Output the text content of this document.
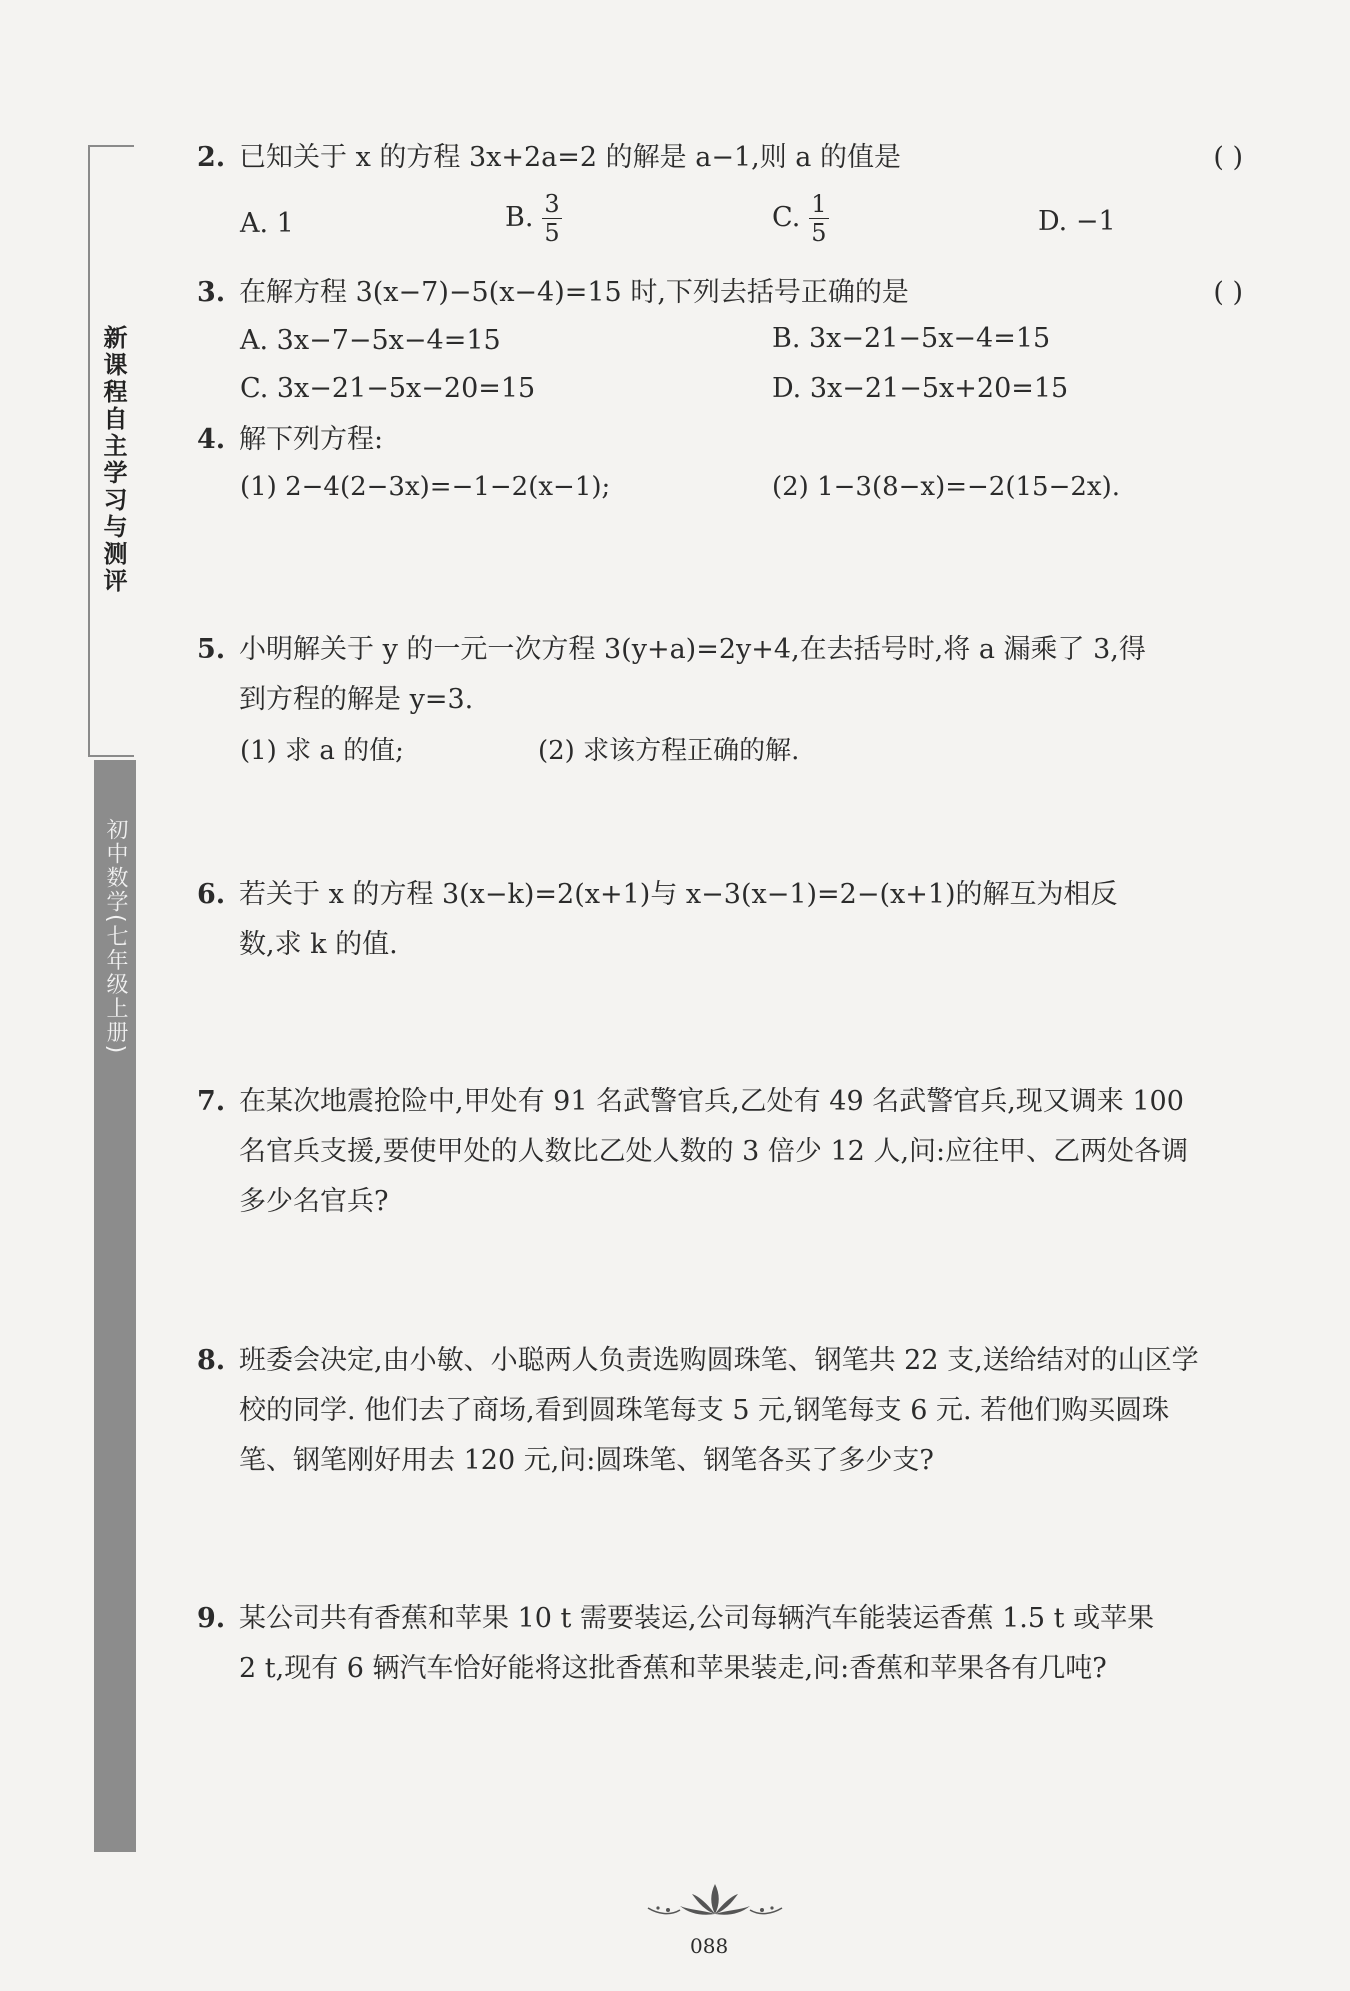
新课程自主学习与测评
初中数学(七年级上册)
2. 已知关于 x 的方程 3x+2a=2 的解是 a−1,则 a 的值是	( )
A. 1	B. $\frac{3}{5}$	C. $\frac{1}{5}$	D. −1
3. 在解方程 3(x−7)−5(x−4)=15 时,下列去括号正确的是	( )
A. 3x−7−5x−4=15	B. 3x−21−5x−4=15
C. 3x−21−5x−20=15	D. 3x−21−5x+20=15
4. 解下列方程:
(1) 2−4(2−3x)=−1−2(x−1);	(2) 1−3(8−x)=−2(15−2x).
5. 小明解关于 y 的一元一次方程 3(y+a)=2y+4,在去括号时,将 a 漏乘了 3,得
到方程的解是 y=3.
(1) 求 a 的值;	(2) 求该方程正确的解.
6. 若关于 x 的方程 3(x−k)=2(x+1)与 x−3(x−1)=2−(x+1)的解互为相反
数,求 k 的值.
7. 在某次地震抢险中,甲处有 91 名武警官兵,乙处有 49 名武警官兵,现又调来 100
名官兵支援,要使甲处的人数比乙处人数的 3 倍少 12 人,问:应往甲、乙两处各调
多少名官兵?
8. 班委会决定,由小敏、小聪两人负责选购圆珠笔、钢笔共 22 支,送给结对的山区学
校的同学. 他们去了商场,看到圆珠笔每支 5 元,钢笔每支 6 元. 若他们购买圆珠
笔、钢笔刚好用去 120 元,问:圆珠笔、钢笔各买了多少支?
9. 某公司共有香蕉和苹果 10 t 需要装运,公司每辆汽车能装运香蕉 1.5 t 或苹果
2 t,现有 6 辆汽车恰好能将这批香蕉和苹果装走,问:香蕉和苹果各有几吨?
088
